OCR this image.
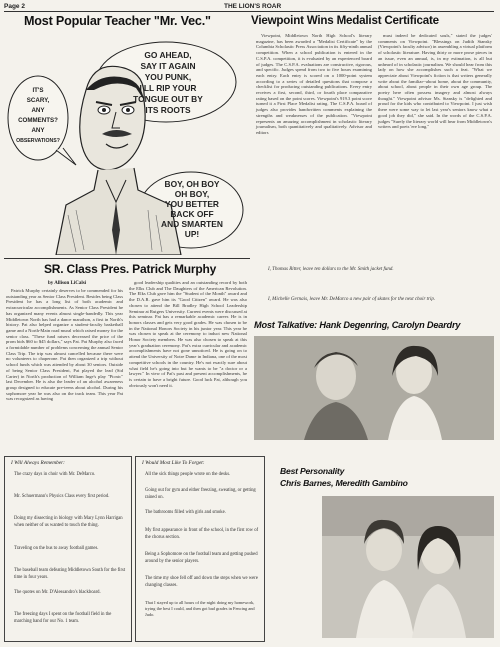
Page 2	THE LION'S ROAR
Most Popular Teacher "Mr. Vec."
IT'S
SCARY,
ANY
COMMENTS?
ANY
OBSERVATIONS?
GO AHEAD,
SAY IT AGAIN
YOU PUNK,
I'LL RIP YOUR
TONGUE OUT BY
ITS ROOTS
BOY, OH BOY
OH BOY,
YOU BETTER
BACK OFF
AND SMARTEN
UP!
Viewpoint Wins Medalist Certificate

Viewpoint, Middletown North High School's literary magazine, has been awarded a "Medalist Certificate" by the Columbia Scholastic Press Association in its fifty-ninth annual competition. When a school publication is entered in the C.S.P.A. competition, it is evaluated by an experienced board of judges. The C.S.P.A. evaluations are constructive, rigorous, and specific. Judges spend from two to five hours examining each entry. Each entry is scored on a 1000-point system according to a series of detailed questions that compose a checklist for producing outstanding publications. Every entry receives a first, second, third, or fourth place comparative rating based on the point scores. Viewpoint's 919.3 point score turned it a First Place Medalist rating. The C.S.P.A. board of judges also provides handwritten comments explaining the strengths and weaknesses of the publication. "Viewpoint represents an amazing accomplishment in scholastic literary journalism, both quantitatively and qualitatively. Advisor and editors

must indeed be dedicated souls," stated the judges' comments on Viewpoint. "Blessings on Judith Stansky (Viewpoint's faculty advisor) in assembling a virtual platform of scholastic literature. Having thirty or more prose pieces in an issue, even an annual, is, in my estimation, is all but unheard of in scholastic journalism. We should hear from this lady on how she accomplishes such a feat. "What we appreciate about Viewpoint's fiction is that writers generally write about the familiar--about home, about the community, about school, about people in their own age group. The poetry here often possess imagery and almost always thought." Viewpoint advisor Ms. Stansky is "delighted and proud for the kids who contributed to Viewpoint. I just wish there were some way to let last year's seniors know what a good job they did," she said. In the words of the C.S.P.A. judges "Surely the literary world will hear from Middletown's writers and poets 'ere long."

I, Thomas Ritter, leave ten dollars to the Mr. Smith jacket fund.
I, Michelle Gernais, leave Mr. DeMarco a new pair of skates for the next choir trip.
SR. Class Pres. Patrick Murphy
by Allison LiCalsi

Patrick Murphy certainly deserves to be commended for his outstanding year as Senior Class President. Besides being Class President he has a long list of both academic and extracurricular accomplishments. As Senior Class President he has organized many events almost single-handedly. This year Middletown North has had a dance marathon, a first in North's history. Pat also helped organize a student-faculty basketball game and a North-Main road mural which raised money for the senior class. "These fund raisers decreased the price of the prom bids $60 to $45 dollars," says Pat. Pat Murphy also faced a formidable number of problems concerning the annual Senior Class Trip. The trip was almost cancelled because there were no volunteers to chaperone. Pat then organized a trip without school funds which was attended by about 30 seniors. Outside of being Senior Class President, Pat played the lead (Sid Carter) in North's production of William Inge's play "Picnic" last December. He is also the leader of an alcohol awareness group designed to educate pre-teens about alcohol. During his sophomore year he was also on the track team. This year Pat was recognized as having

good leadership qualities and an outstanding record by both the Elks Club and The Daughters of the American Revolution. The Elks Club gave him the "Student of the Month" award and the D.A.R. gave him its "Good Citizen" award. He was also chosen to attend the Bill Bradley High School Leadership Seminar at Rutgers University. Current events were discussed at this seminar. Pat has a remarkable academic career. He is in honors classes and gets very good grades. He was chosen to be in the National Honors Society in his junior year. This year he was chosen to speak at the ceremony to induct new National Honor Society members. He was also chosen to speak at this year's graduation ceremony. Pat's extra curricular and academic accomplishments have not gone unnoticed. He is going on to attend the University of Notre Dame in Indiana, one of the most competitive schools in the country. He's not exactly sure about what field he's going into but he wants to be "a doctor or a lawyer." In view of Pat's past and present accomplishments, he is certain to have a bright future. Good luck Pat, although you obviously won't need it.

Most Talkative: Hank Degenring, Carolyn Deardry
Best Personality
Chris Barnes, Meredith Gambino
I Will Always Remember:
The crazy days in choir with Mr. DeMarco.
Mr. Schuermann's Physics Class every first period.
Doing my dissecting in biology with Mary Lynn Harrigan when neither of us wanted to touch the thing.
Traveling on the bus to away football games.
The baseball team defeating Middletown South for the first time in four years.
The quotes on Mr. D'Alessandro's blackboard.
The freezing days I spent on the football field in the marching band for our No. 1 team.
I Would Most Like To Forget:
All the sick things people wrote on the desks.
Going out for gym and either freezing, sweating, or getting rained on.
The bathrooms filled with girls and smoke.
My first appearance in front of the school, in the first row of the chorus section.
Being a Sophomore on the football team and getting pushed around by the senior players.
The time my shoe fell off and down the steps when we were changing classes.
That I stayed up to all hours of the night doing my homework, trying the best I could, and then got bad grades in Fencing and Judo.
